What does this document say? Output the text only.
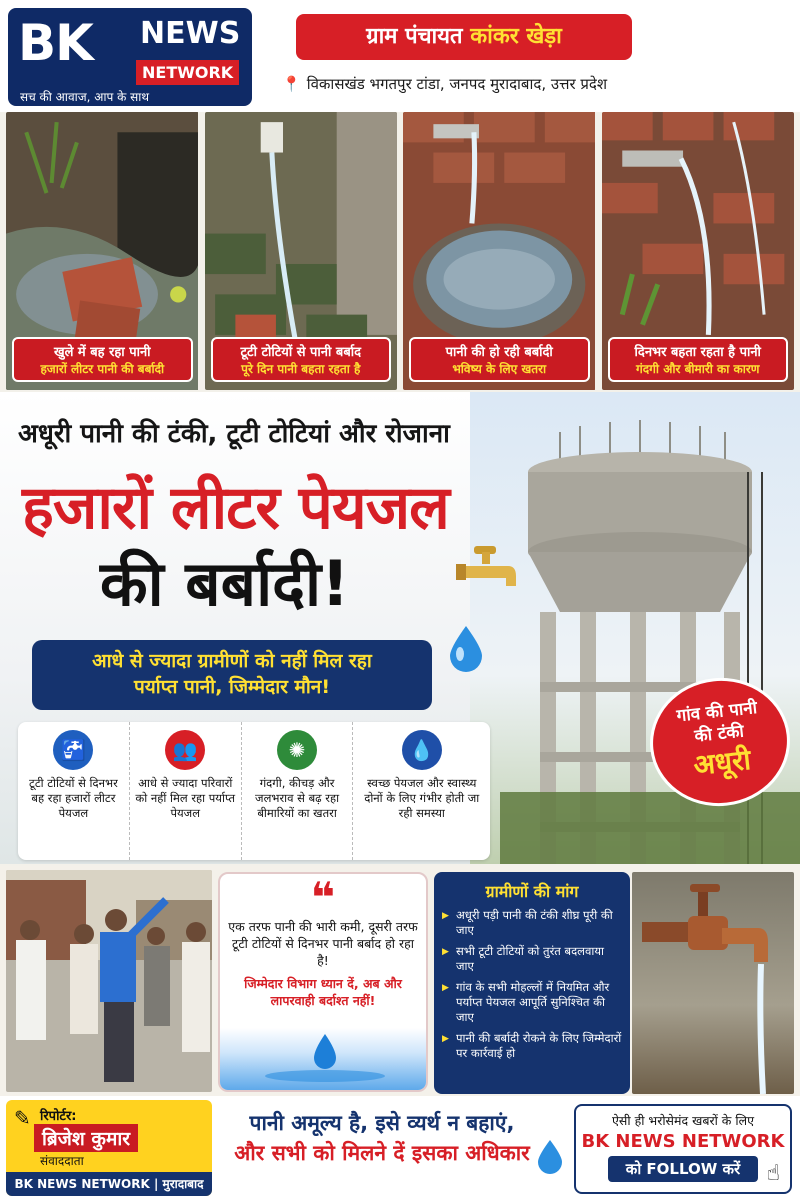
BK NEWS
NETWORK
सच की आवाज, आप के साथ
ग्राम पंचायत कांकर खेड़ा
📍 विकासखंड भगतपुर टांडा, जनपद मुरादाबाद, उत्तर प्रदेश
खुले में बह रहा पानी
हजारों लीटर पानी की बर्बादी
टूटी टोटियों से पानी बर्बाद
पूरे दिन पानी बहता रहता है
पानी की हो रही बर्बादी
भविष्य के लिए खतरा
दिनभर बहता रहता है पानी
गंदगी और बीमारी का कारण
अधूरी पानी की टंकी, टूटी टोटियां और रोजाना
हजारों लीटर पेयजल
की बर्बादी!
आधे से ज्यादा ग्रामीणों को नहीं मिल रहा
पर्याप्त पानी, जिम्मेदार मौन!
🚰
टूटी टोटियों से दिनभर बह रहा हजारों लीटर पेयजल
👥
आधे से ज्यादा परिवारों को नहीं मिल रहा पर्याप्त पेयजल
✺
गंदगी, कीचड़ और जलभराव से बढ़ रहा बीमारियों का खतरा
💧
स्वच्छ पेयजल और स्वास्थ्य दोनों के लिए गंभीर होती जा रही समस्या
गांव की पानी
की टंकी
अधूरी
❝
एक तरफ पानी की भारी कमी, दूसरी तरफ टूटी टोटियों से दिनभर पानी बर्बाद हो रहा है!
जिम्मेदार विभाग ध्यान दें, अब और लापरवाही बर्दाश्त नहीं!
ग्रामीणों की मांग
▶ अधूरी पड़ी पानी की टंकी शीघ्र पूरी की जाए
▶ सभी टूटी टोटियों को तुरंत बदलवाया जाए
▶ गांव के सभी मोहल्लों में नियमित और पर्याप्त पेयजल आपूर्ति सुनिश्चित की जाए
▶ पानी की बर्बादी रोकने के लिए जिम्मेदारों पर कार्रवाई हो
✎ रिपोर्टर:
ब्रिजेश कुमार
संवाददाता
BK NEWS NETWORK | मुरादाबाद
पानी अमूल्य है, इसे व्यर्थ न बहाएं,
और सभी को मिलने दें इसका अधिकार
ऐसी ही भरोसेमंद खबरों के लिए
BK NEWS NETWORK
को FOLLOW करें ☝
